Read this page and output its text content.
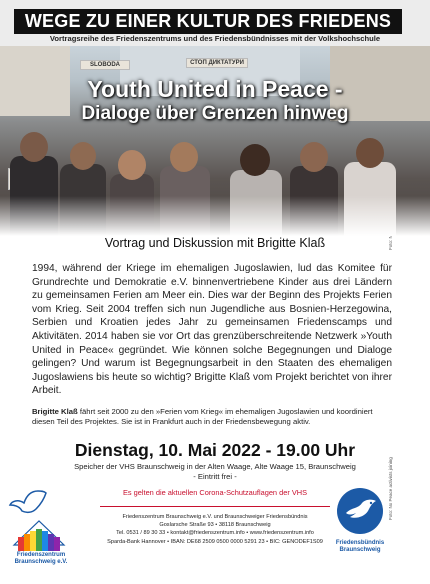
WEGE ZU EINER KULTUR DES FRIEDENS
Vortragsreihe des Friedenszentrums und des Friedensbündnisses mit der Volkshochschule
СТОП ДИКТАТУРИ
SLOBODA
Youth United in Peace -
Dialoge über Grenzen hinweg
Foto: No Peace activists joining
Vortrag und Diskussion mit Brigitte Klaß
1994, während der Kriege im ehemaligen Jugoslawien, lud das Komitee für Grundrechte und Demokratie e.V. binnenvertriebene Kinder aus drei Ländern zu gemeinsamen Ferien am Meer ein. Dies war der Beginn des Projekts Ferien vom Krieg. Seit 2004 treffen sich nun Jugendliche aus Bosnien-Herzegowina, Serbien und Kroatien jedes Jahr zu gemeinsamen Friedenscamps und Aktivitäten. 2014 haben sie vor Ort das grenzüberschreitende Netzwerk »Youth United in Peace« gegründet. Wie können solche Begegnungen und Dialoge gelingen? Und warum ist Begegnungsarbeit in den Staaten des ehemaligen Jugoslawiens bis heute so wichtig? Brigitte Klaß vom Projekt berichtet von ihrer Arbeit.
Brigitte Klaß fährt seit 2000 zu den »Ferien vom Krieg« im ehemaligen Jugoslawien und koordiniert diesen Teil des Projektes. Sie ist in Frankfurt auch in der Friedensbewegung aktiv.
Dienstag, 10. Mai 2022 - 19.00 Uhr
Speicher der VHS Braunschweig in der Alten Waage, Alte Waage 15, Braunschweig
- Eintritt frei -
Es gelten die aktuellen Corona-Schutzauflagen der VHS
Friedenszentrum Braunschweig e.V.
Friedenszentrum Braunschweig e.V. und Braunschweiger Friedensbündnis
Goslarsche Straße 93 • 38118 Braunschweig
Tel. 0531 / 89 30 33 • kontakt@friedenszentrum.info • www.friedenszentrum.info
Sparda-Bank Hannover • IBAN: DE68 2509 0500 0000 5291 23 • BIC: GENODEF1S09	Friedensbündnis Braunschweig
